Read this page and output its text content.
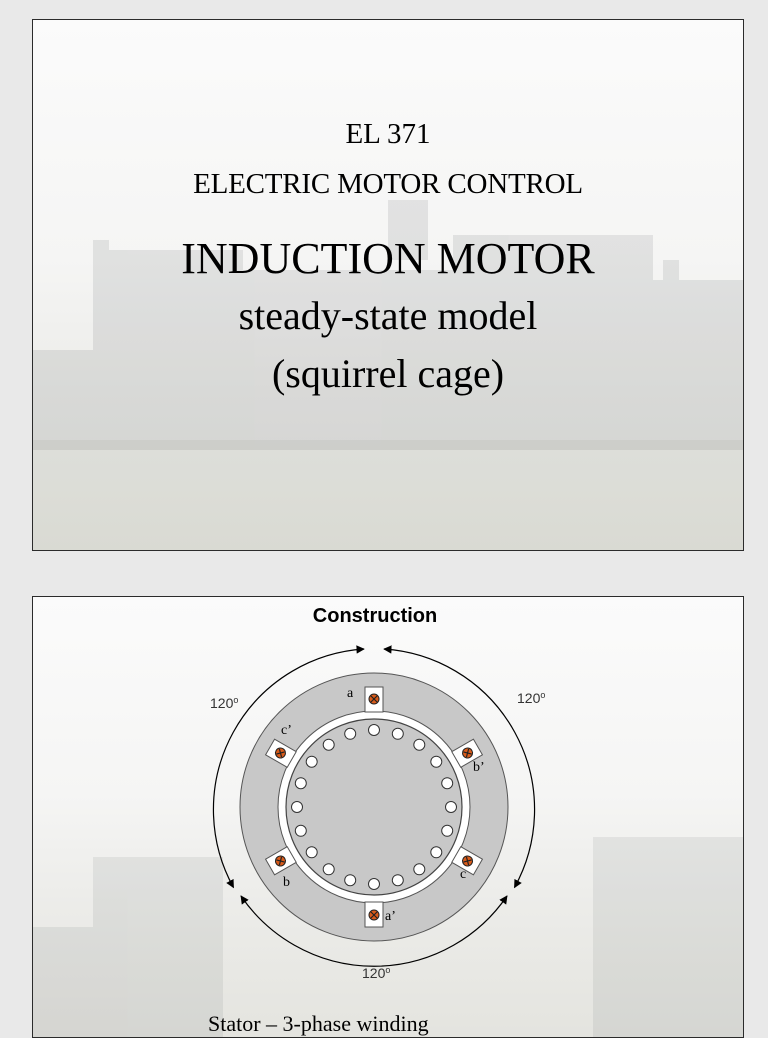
EL 371
ELECTRIC MOTOR CONTROL
INDUCTION MOTOR
steady-state model
(squirrel cage)
Construction
a
c’
b’
b
c
a’
120$^o$	120$^o$
120$^o$
Stator – 3-phase winding
